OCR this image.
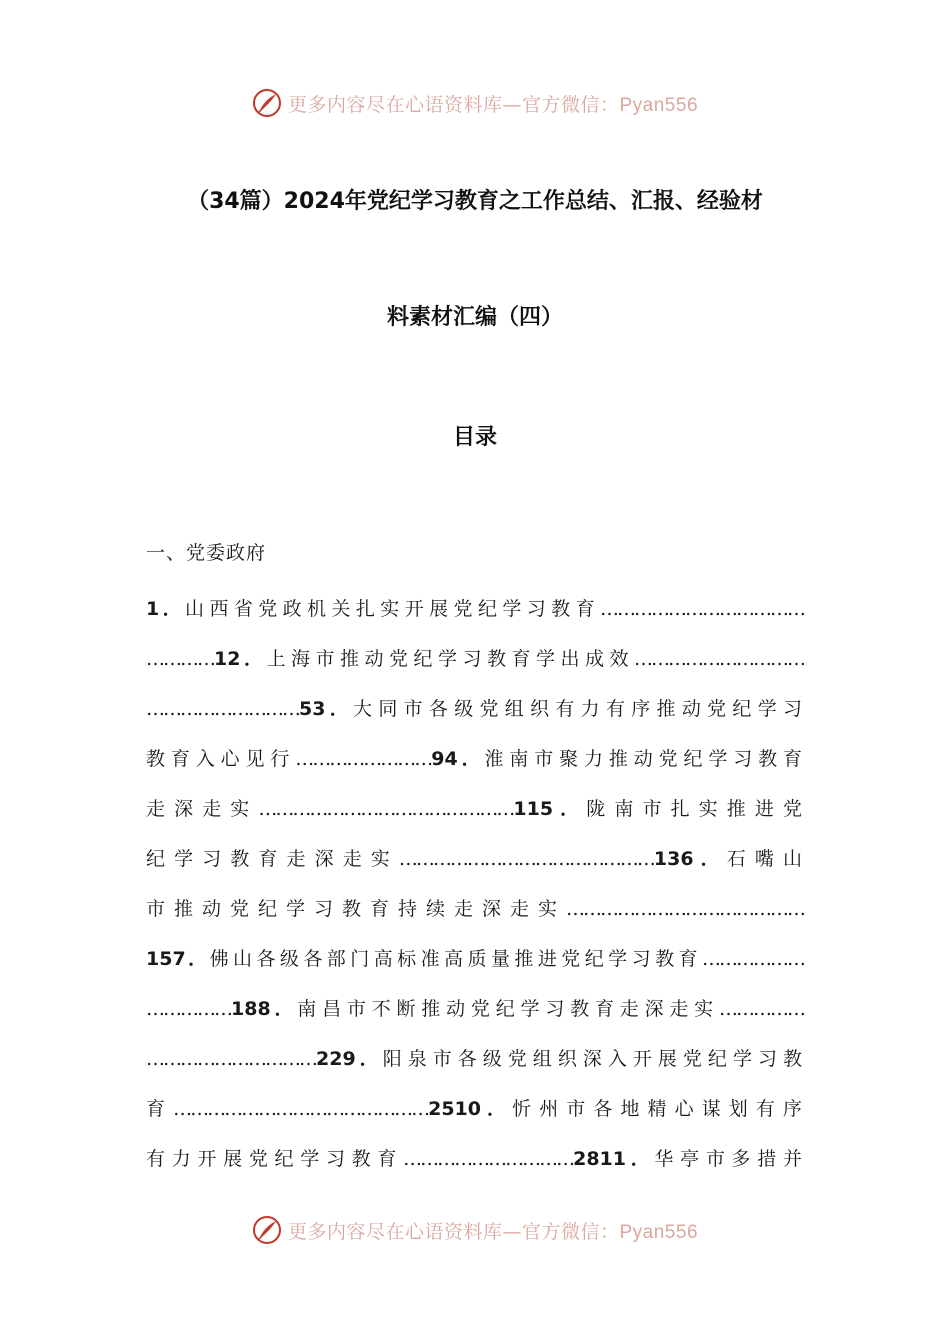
更多内容尽在心语资料库—官方微信：Pyan556
（34篇）2024年党纪学习教育之工作总结、汇报、经验材
料素材汇编（四）
目录
一、党委政府
1．山西省党政机关扎实开展党纪学习教育………………………………
…………12．上海市推动党纪学习教育学出成效…………………………
………………………53．大同市各级党组织有力有序推动党纪学习
教育入心见行……………………94．淮南市聚力推动党纪学习教育
走深走实………………………………………115．陇南市扎实推进党
纪学习教育走深走实………………………………………136．石嘴山
市推动党纪学习教育持续走深走实……………………………………
157．佛山各级各部门高标准高质量推进党纪学习教育………………
……………188．南昌市不断推动党纪学习教育走深走实……………
…………………………229．阳泉市各级党组织深入开展党纪学习教
育………………………………………2510．忻州市各地精心谋划有序
有力开展党纪学习教育…………………………2811．华亭市多措并
更多内容尽在心语资料库—官方微信：Pyan556
